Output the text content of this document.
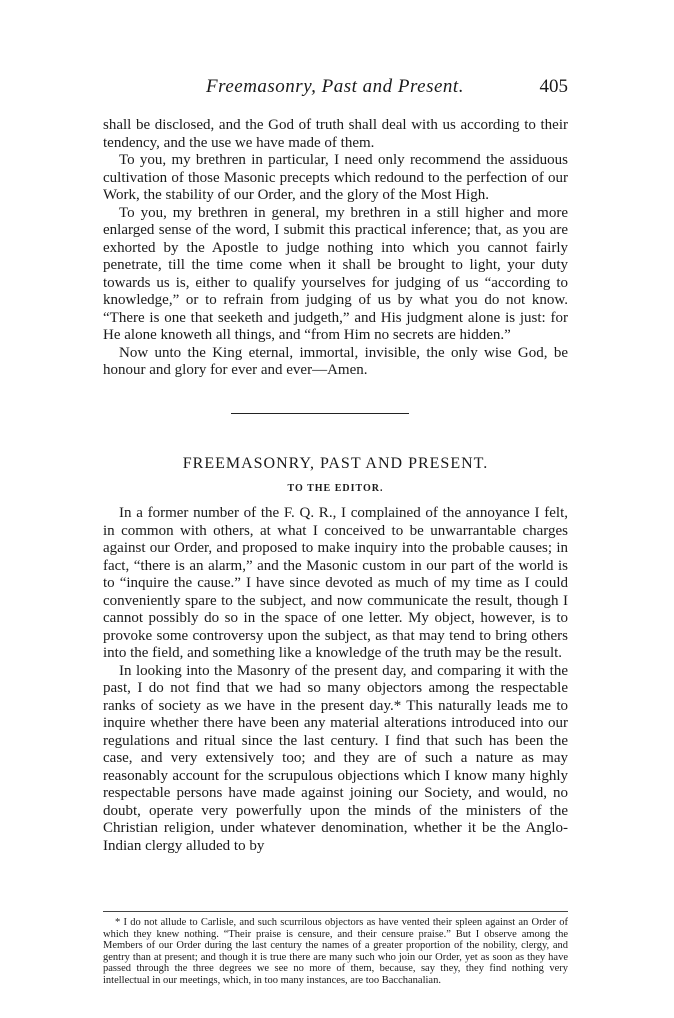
Freemasonry, Past and Present.	405

shall be disclosed, and the God of truth shall deal with us according to their tendency, and the use we have made of them.

To you, my brethren in particular, I need only recommend the assiduous cultivation of those Masonic precepts which redound to the perfection of our Work, the stability of our Order, and the glory of the Most High.

To you, my brethren in general, my brethren in a still higher and more enlarged sense of the word, I submit this practical inference; that, as you are exhorted by the Apostle to judge nothing into which you cannot fairly penetrate, till the time come when it shall be brought to light, your duty towards us is, either to qualify yourselves for judging of us “according to knowledge,” or to refrain from judging of us by what you do not know. “There is one that seeketh and judgeth,” and His judgment alone is just: for He alone knoweth all things, and “from Him no secrets are hidden.”

Now unto the King eternal, immortal, invisible, the only wise God, be honour and glory for ever and ever—Amen.

FREEMASONRY, PAST AND PRESENT.
TO THE EDITOR.

In a former number of the F. Q. R., I complained of the annoyance I felt, in common with others, at what I conceived to be unwarrantable charges against our Order, and proposed to make inquiry into the probable causes; in fact, “there is an alarm,” and the Masonic custom in our part of the world is to “inquire the cause.” I have since devoted as much of my time as I could conveniently spare to the subject, and now communicate the result, though I cannot possibly do so in the space of one letter. My object, however, is to provoke some controversy upon the subject, as that may tend to bring others into the field, and something like a knowledge of the truth may be the result.

In looking into the Masonry of the present day, and comparing it with the past, I do not find that we had so many objectors among the respectable ranks of society as we have in the present day.* This naturally leads me to inquire whether there have been any material alterations introduced into our regulations and ritual since the last century. I find that such has been the case, and very extensively too; and they are of such a nature as may reasonably account for the scrupulous objections which I know many highly respectable persons have made against joining our Society, and would, no doubt, operate very powerfully upon the minds of the ministers of the Christian religion, under whatever denomination, whether it be the Anglo-Indian clergy alluded to by

* I do not allude to Carlisle, and such scurrilous objectors as have vented their spleen against an Order of which they knew nothing. “Their praise is censure, and their censure praise.” But I observe among the Members of our Order during the last century the names of a greater proportion of the nobility, clergy, and gentry than at present; and though it is true there are many such who join our Order, yet as soon as they have passed through the three degrees we see no more of them, because, say they, they find nothing very intellectual in our meetings, which, in too many instances, are too Bacchanalian.
